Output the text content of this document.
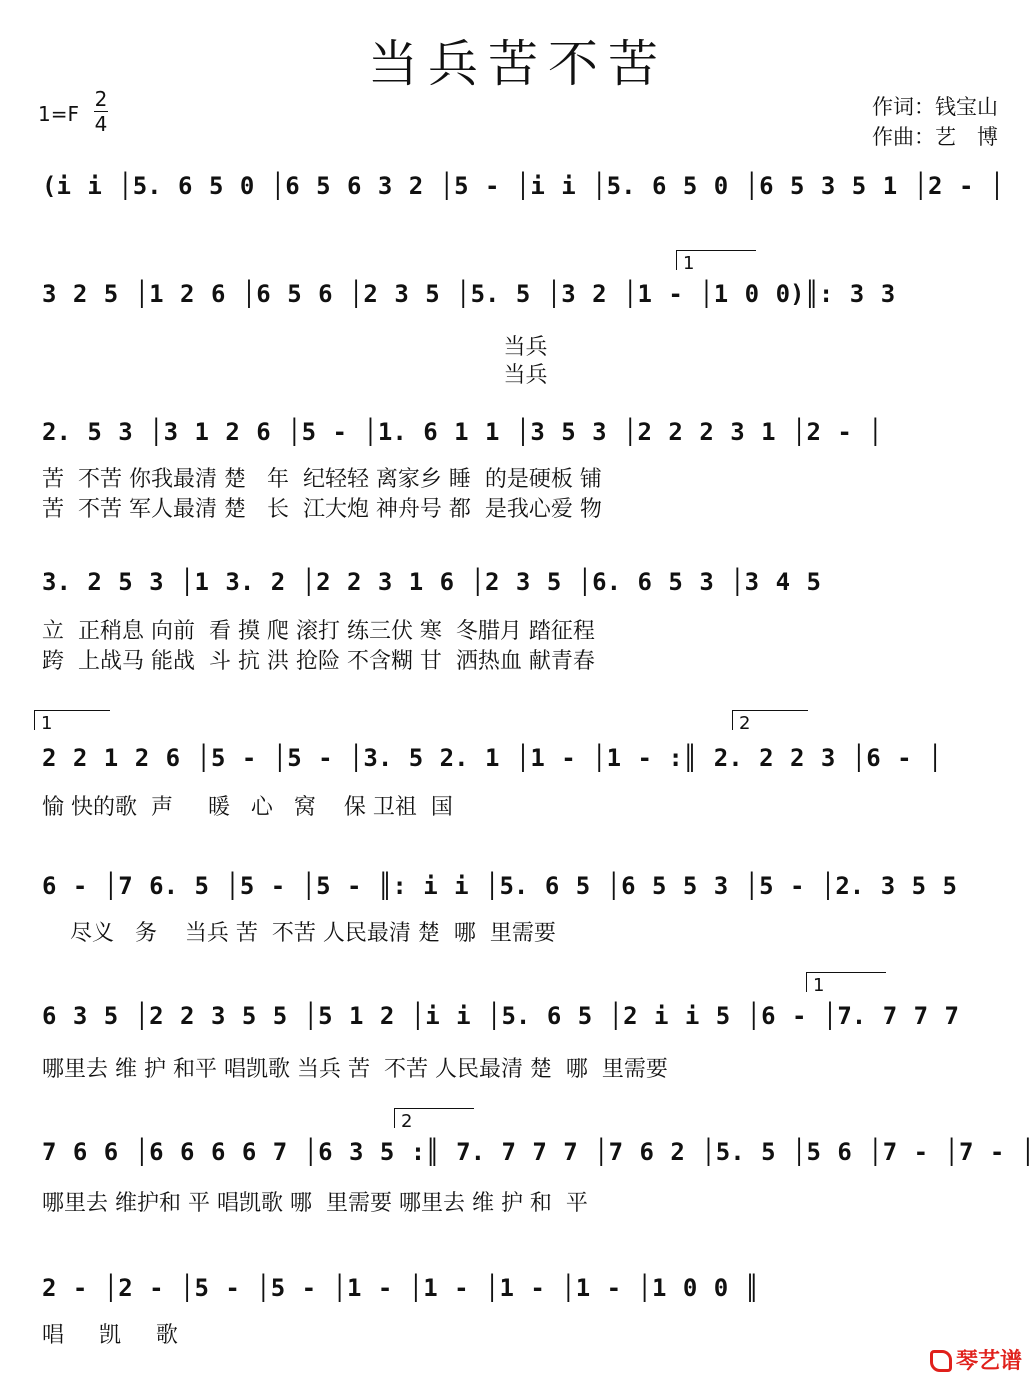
当兵苦不苦
1=F
2
4
作词：钱宝山
作曲：艺　博
(i i │5. 6 5 0 │6 5 6 3 2 │5 - │i i │5. 6 5 0 │6 5 3 5 1 │2 - │
1
3 2 5 │1 2 6 │6 5 6 │2 3 5 │5. 5 │3 2 │1 - │1 0 0)║: 3 3
当兵
当兵
2. 5 3 │3 1 2 6 │5 - │1. 6 1 1 │3 5 3 │2 2 2 3 1 │2 - │
苦  不苦 你我最清 楚   年  纪轻轻 离家乡 睡  的是硬板 铺
苦  不苦 军人最清 楚   长  江大炮 神舟号 都  是我心爱 物
3. 2 5 3 │1 3. 2 │2 2 3 1 6 │2 3 5 │6. 6 5 3 │3 4 5
立  正稍息 向前  看 摸 爬 滚打 练三伏 寒  冬腊月 踏征程
跨  上战马 能战  斗 抗 洪 抢险 不含糊 甘  洒热血 献青春
1	2
2 2 1 2 6 │5 - │5 - │3. 5 2. 1 │1 - │1 - :║ 2. 2 2 3 │6 - │
愉 快的歌  声     暖   心   窝    保 卫祖  国
6 - │7 6. 5 │5 - │5 - ║: i i │5. 6 5 │6 5 5 3 │5 - │2. 3 5 5
尽义   务    当兵 苦  不苦 人民最清 楚  哪  里需要
1
6 3 5 │2 2 3 5 5 │5 1 2 │i i │5. 6 5 │2 i i 5 │6 - │7. 7 7 7
哪里去 维 护 和平 唱凯歌 当兵 苦  不苦 人民最清 楚  哪  里需要
2
7 6 6 │6 6 6 6 7 │6 3 5 :║ 7. 7 7 7 │7 6 2 │5. 5 │5 6 │7 - │7 - │
哪里去 维护和 平 唱凯歌 哪  里需要 哪里去 维 护 和  平
2 - │2 - │5 - │5 - │1 - │1 - │1 - │1 - │1 0 0 ║
唱     凯     歌
琴艺谱
